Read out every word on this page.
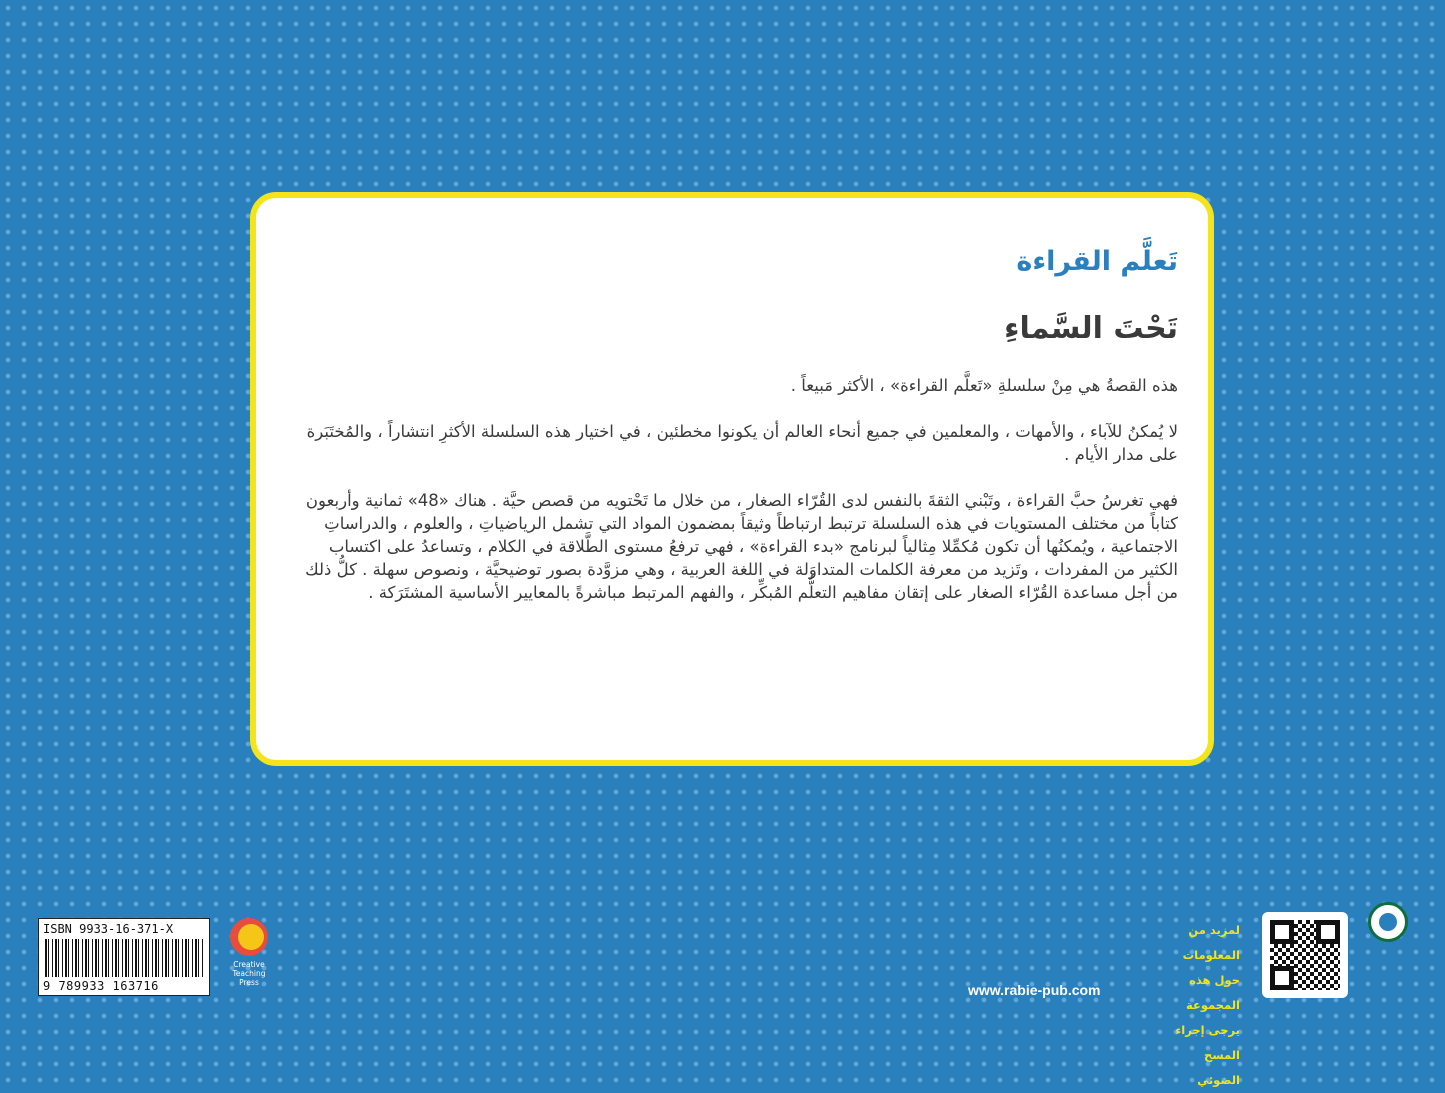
تَعلَّم القراءة
تَحْتَ السَّماءِ

هذه القصةُ هي مِنْ سلسلةِ «تَعلَّم القراءة» ، الأكثر مَبيعاً .

لا يُمكنُ للآباء ، والأمهات ، والمعلمين في جميع أنحاء العالم أن يكونوا مخطئين ، في اختيار هذه السلسلة الأكثرِ انتشاراً ، والمُختَبَرة على مدار الأيام .

فهي تغرسُ حبَّ القراءة ، وتَبْني الثقةَ بالنفس لدى القُرّاء الصغار ، من خلال ما تَحْتويه من قصص حيَّة . هناك «48» ثمانية وأربعون كتاباً من مختلف المستويات في هذه السلسلة ترتبط ارتباطاً وثيقاً بمضمون المواد التي تشمل الرياضياتِ ، والعلوم ، والدراساتِ الاجتماعية ، ويُمكنُها أن تكون مُكمِّلا مِثالياً لبرنامج «بدء القراءة» ، فهي ترفعُ مستوى الطَّلاقة في الكلام ، وتساعدُ على اكتساب الكثير من المفردات ، وتَزيد من معرفة الكلمات المتداوَلة في اللغة العربية ، وهي مزوَّدة بصور توضيحيَّة ، ونصوص سهلة . كلُّ ذلك من أجل مساعدة القُرّاء الصغار على إتقان مفاهيم التعلُّم المُبكِّر ، والفهم المرتبط مباشرةً بالمعايير الأساسية المشتَرَكة .

ISBN 9933-16-371-X
9 789933 163716
Creative Teaching Press	www.rabie-pub.com
لمزيد من المعلومات
حول هذه المجموعة
يرجى إجراء المسح
الضوئي
